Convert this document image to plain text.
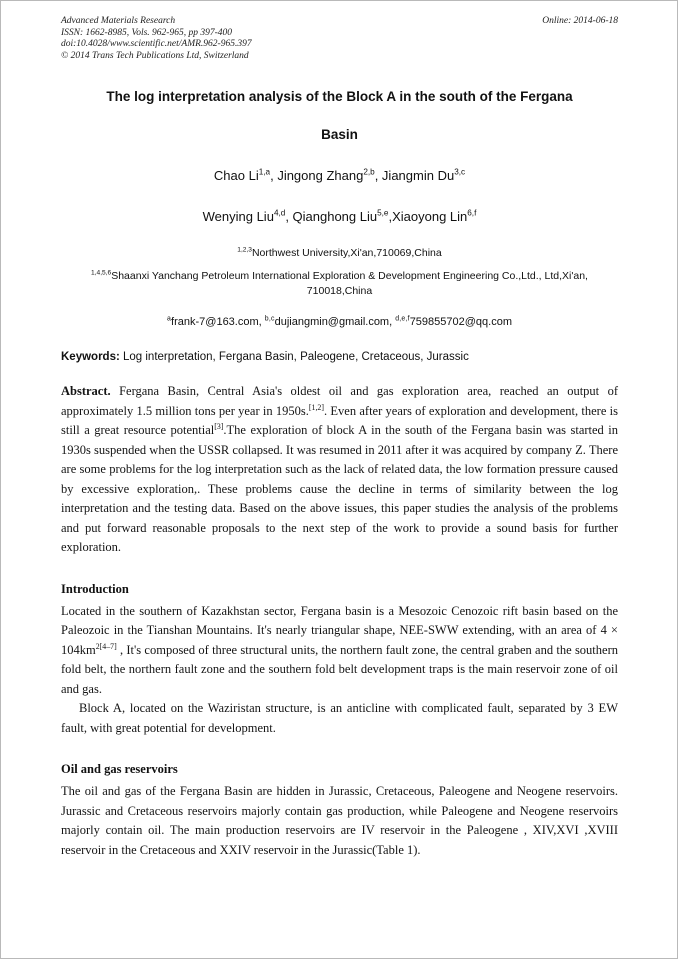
Advanced Materials Research	Online: 2014-06-18
ISSN: 1662-8985, Vols. 962-965, pp 397-400
doi:10.4028/www.scientific.net/AMR.962-965.397
© 2014 Trans Tech Publications Ltd, Switzerland
The log interpretation analysis of the Block A in the south of the Fergana
Basin
Chao Li$^{1,a}$, Jingong Zhang$^{2,b}$, Jiangmin Du$^{3,c}$
Wenying Liu$^{4,d}$, Qianghong Liu$^{5,e}$,Xiaoyong Lin$^{6,f}$
$^{1,2,3}$Northwest University,Xi'an,710069,China
$^{1,4,5,6}$Shaanxi Yanchang Petroleum International Exploration & Development Engineering Co.,Ltd., Ltd,Xi'an, 710018,China
$^a$frank-7@163.com, $^{b,c}$dujiangmin@gmail.com, $^{d,e,f}$759855702@qq.com
Keywords: Log interpretation, Fergana Basin, Paleogene, Cretaceous, Jurassic

Abstract. Fergana Basin, Central Asia's oldest oil and gas exploration area, reached an output of approximately 1.5 million tons per year in 1950s.[1,2]. Even after years of exploration and development, there is still a great resource potential[3].The exploration of block A in the south of the Fergana basin was started in 1930s suspended when the USSR collapsed. It was resumed in 2011 after it was acquired by company Z. There are some problems for the log interpretation such as the lack of related data, the low formation pressure caused by excessive exploration,. These problems cause the decline in terms of similarity between the log interpretation and the testing data. Based on the above issues, this paper studies the analysis of the problems and put forward reasonable proposals to the next step of the work to provide a sound basis for further exploration.

Introduction

Located in the southern of Kazakhstan sector, Fergana basin is a Mesozoic Cenozoic rift basin based on the Paleozoic in the Tianshan Mountains. It's nearly triangular shape, NEE-SWW extending, with an area of $4 \times 104km^{2[4-7]}$ , It's composed of three structural units, the northern fault zone, the central graben and the southern fold belt, the northern fault zone and the southern fold belt development traps is the main reservoir zone of oil and gas.

Block A, located on the Waziristan structure, is an anticline with complicated fault, separated by 3 EW fault, with great potential for development.

Oil and gas reservoirs

The oil and gas of the Fergana Basin are hidden in Jurassic, Cretaceous, Paleogene and Neogene reservoirs. Jurassic and Cretaceous reservoirs majorly contain gas production, while Paleogene and Neogene reservoirs majorly contain oil. The main production reservoirs are IV reservoir in the Paleogene , XIV,XVI ,XVIII reservoir in the Cretaceous and XXIV reservoir in the Jurassic(Table 1).
